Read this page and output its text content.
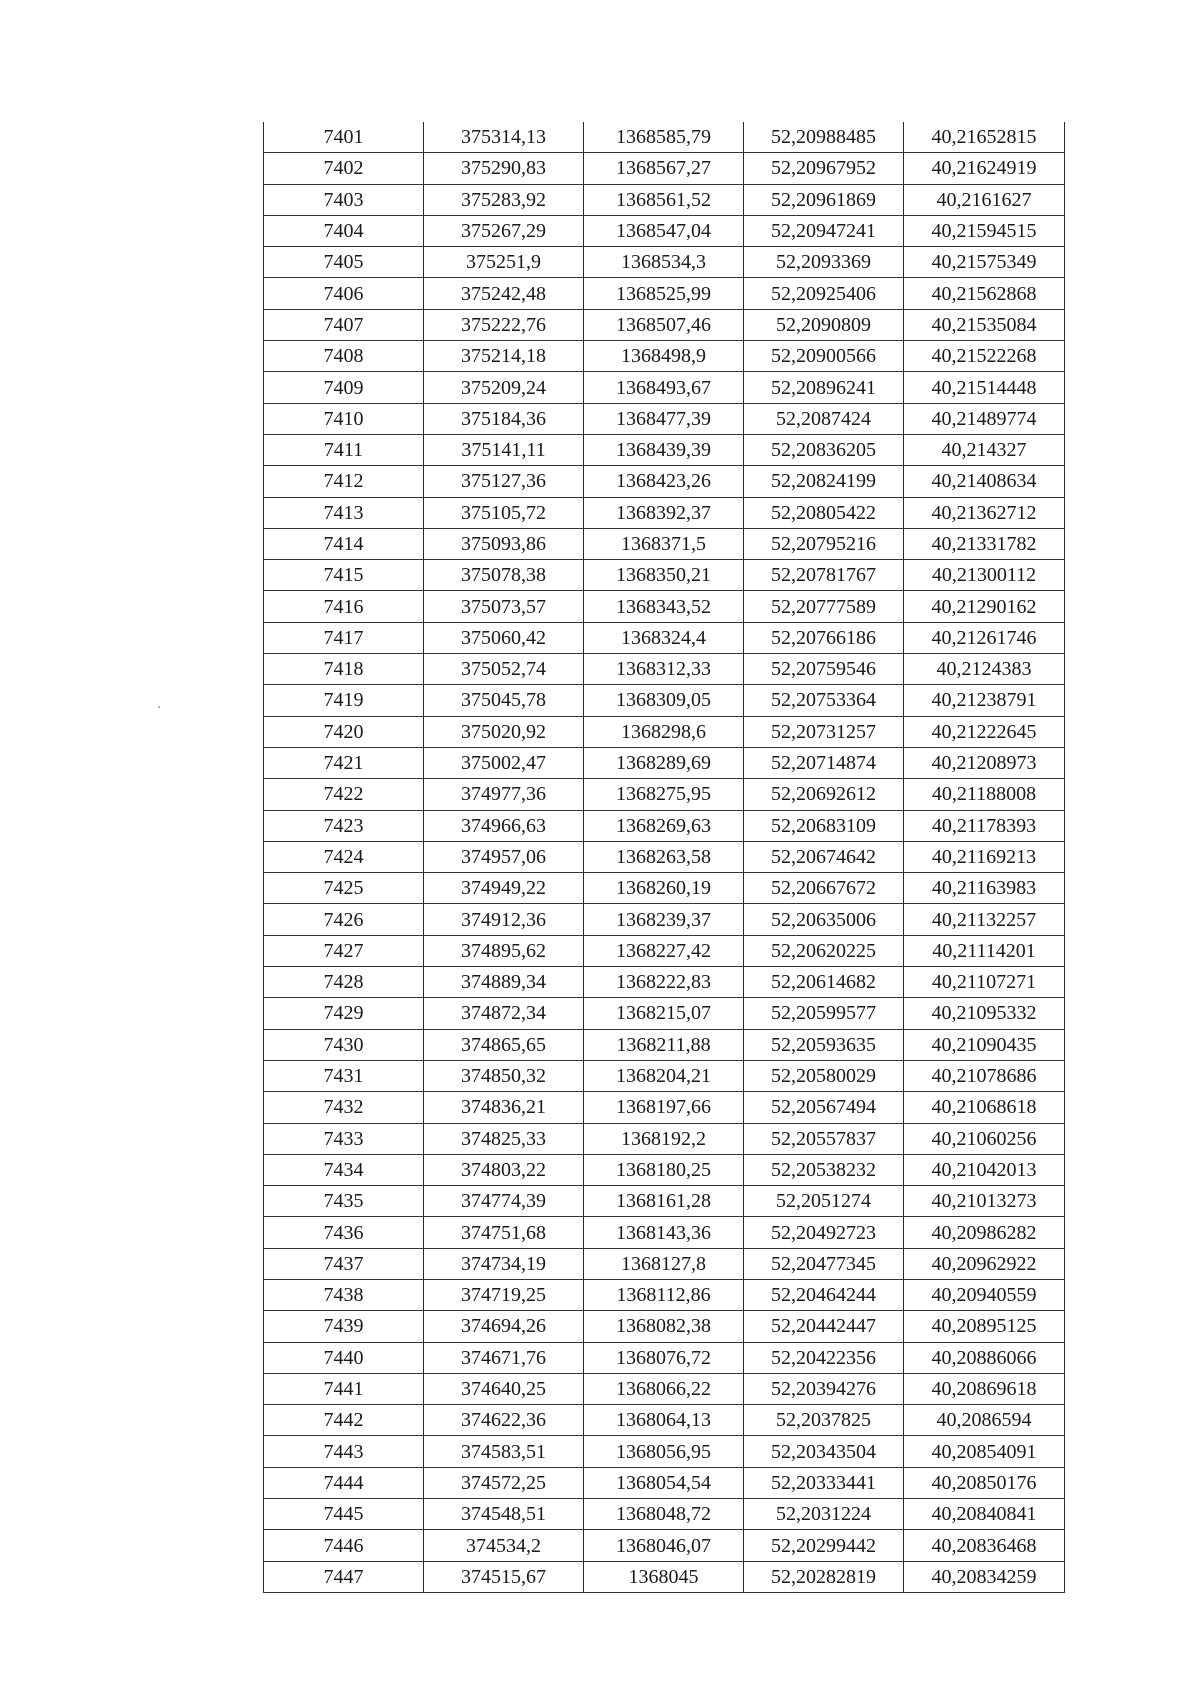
7401	375314,13	1368585,79	52,20988485	40,21652815
7402	375290,83	1368567,27	52,20967952	40,21624919
7403	375283,92	1368561,52	52,20961869	40,2161627
7404	375267,29	1368547,04	52,20947241	40,21594515
7405	375251,9	1368534,3	52,2093369	40,21575349
7406	375242,48	1368525,99	52,20925406	40,21562868
7407	375222,76	1368507,46	52,2090809	40,21535084
7408	375214,18	1368498,9	52,20900566	40,21522268
7409	375209,24	1368493,67	52,20896241	40,21514448
7410	375184,36	1368477,39	52,2087424	40,21489774
7411	375141,11	1368439,39	52,20836205	40,214327
7412	375127,36	1368423,26	52,20824199	40,21408634
7413	375105,72	1368392,37	52,20805422	40,21362712
7414	375093,86	1368371,5	52,20795216	40,21331782
7415	375078,38	1368350,21	52,20781767	40,21300112
7416	375073,57	1368343,52	52,20777589	40,21290162
7417	375060,42	1368324,4	52,20766186	40,21261746
7418	375052,74	1368312,33	52,20759546	40,2124383
7419	375045,78	1368309,05	52,20753364	40,21238791
7420	375020,92	1368298,6	52,20731257	40,21222645
7421	375002,47	1368289,69	52,20714874	40,21208973
7422	374977,36	1368275,95	52,20692612	40,21188008
7423	374966,63	1368269,63	52,20683109	40,21178393
7424	374957,06	1368263,58	52,20674642	40,21169213
7425	374949,22	1368260,19	52,20667672	40,21163983
7426	374912,36	1368239,37	52,20635006	40,21132257
7427	374895,62	1368227,42	52,20620225	40,21114201
7428	374889,34	1368222,83	52,20614682	40,21107271
7429	374872,34	1368215,07	52,20599577	40,21095332
7430	374865,65	1368211,88	52,20593635	40,21090435
7431	374850,32	1368204,21	52,20580029	40,21078686
7432	374836,21	1368197,66	52,20567494	40,21068618
7433	374825,33	1368192,2	52,20557837	40,21060256
7434	374803,22	1368180,25	52,20538232	40,21042013
7435	374774,39	1368161,28	52,2051274	40,21013273
7436	374751,68	1368143,36	52,20492723	40,20986282
7437	374734,19	1368127,8	52,20477345	40,20962922
7438	374719,25	1368112,86	52,20464244	40,20940559
7439	374694,26	1368082,38	52,20442447	40,20895125
7440	374671,76	1368076,72	52,20422356	40,20886066
7441	374640,25	1368066,22	52,20394276	40,20869618
7442	374622,36	1368064,13	52,2037825	40,2086594
7443	374583,51	1368056,95	52,20343504	40,20854091
7444	374572,25	1368054,54	52,20333441	40,20850176
7445	374548,51	1368048,72	52,2031224	40,20840841
7446	374534,2	1368046,07	52,20299442	40,20836468
7447	374515,67	1368045	52,20282819	40,20834259
